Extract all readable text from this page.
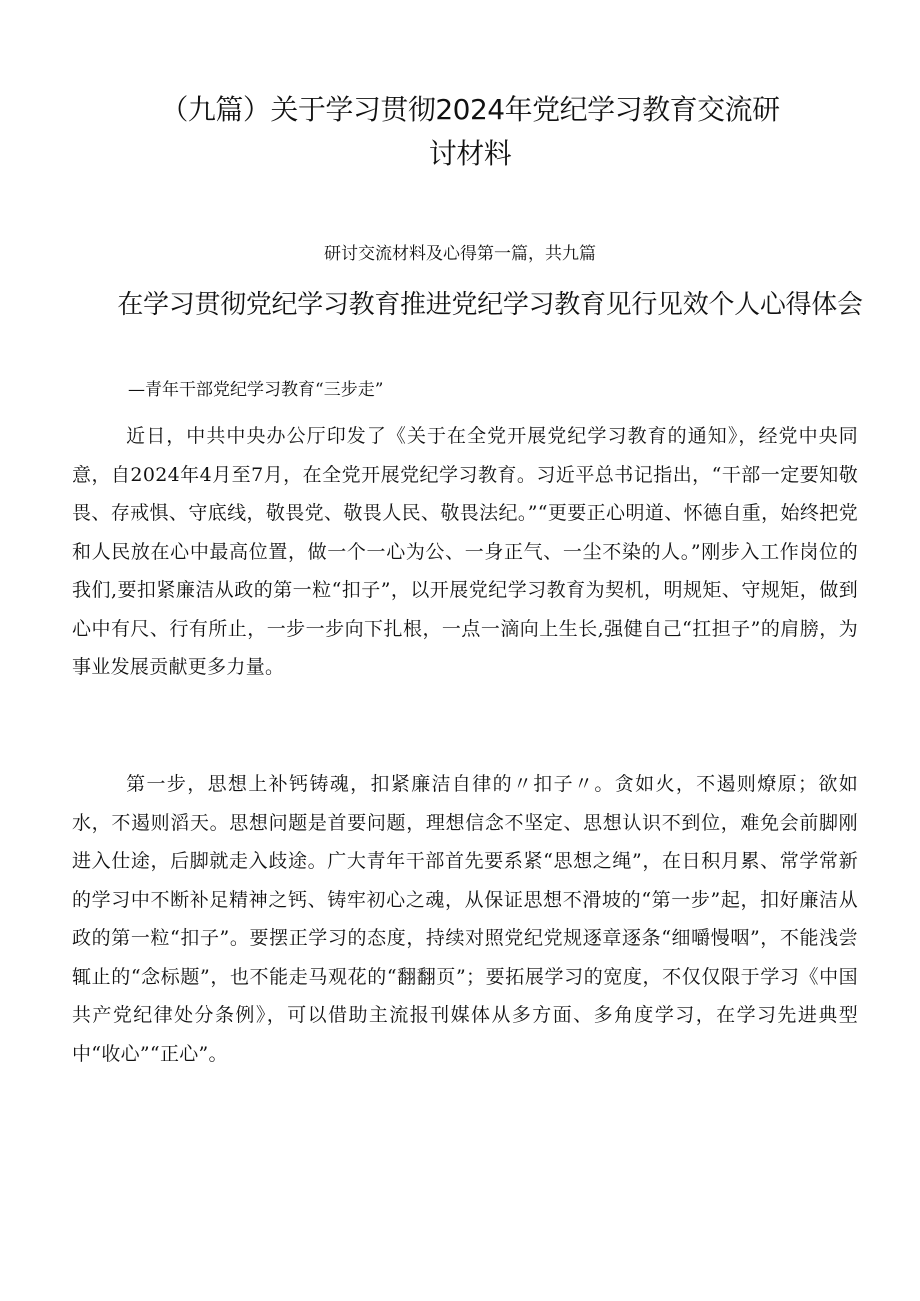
（九篇）关于学习贯彻2024年党纪学习教育交流研讨材料

研讨交流材料及心得第一篇，共九篇

在学习贯彻党纪学习教育推进党纪学习教育见行见效个人心得体会

—青年干部党纪学习教育“三步走”

近日，中共中央办公厅印发了《关于在全党开展党纪学习教育的通知》，经党中央同意，自2024年4月至7月，在全党开展党纪学习教育。习近平总书记指出，“干部一定要知敬畏、存戒惧、守底线，敬畏党、敬畏人民、敬畏法纪。”“更要正心明道、怀德自重，始终把党和人民放在心中最高位置，做一个一心为公、一身正气、一尘不染的人。”刚步入工作岗位的我们,要扣紧廉洁从政的第一粒“扣子”，以开展党纪学习教育为契机，明规矩、守规矩，做到心中有尺、行有所止，一步一步向下扎根，一点一滴向上生长,强健自己“扛担子”的肩膀，为事业发展贡献更多力量。

第一步，思想上补钙铸魂，扣紧廉洁自律的〃扣子〃。贪如火，不遏则燎原；欲如水，不遏则滔天。思想问题是首要问题，理想信念不坚定、思想认识不到位，难免会前脚刚进入仕途，后脚就走入歧途。广大青年干部首先要系紧“思想之绳”，在日积月累、常学常新的学习中不断补足精神之钙、铸牢初心之魂，从保证思想不滑坡的“第一步”起，扣好廉洁从政的第一粒“扣子”。要摆正学习的态度，持续对照党纪党规逐章逐条“细嚼慢咽”，不能浅尝辄止的“念标题”，也不能走马观花的“翻翻页”；要拓展学习的宽度，不仅仅限于学习《中国共产党纪律处分条例》，可以借助主流报刊媒体从多方面、多角度学习，在学习先进典型中“收心”“正心”。
